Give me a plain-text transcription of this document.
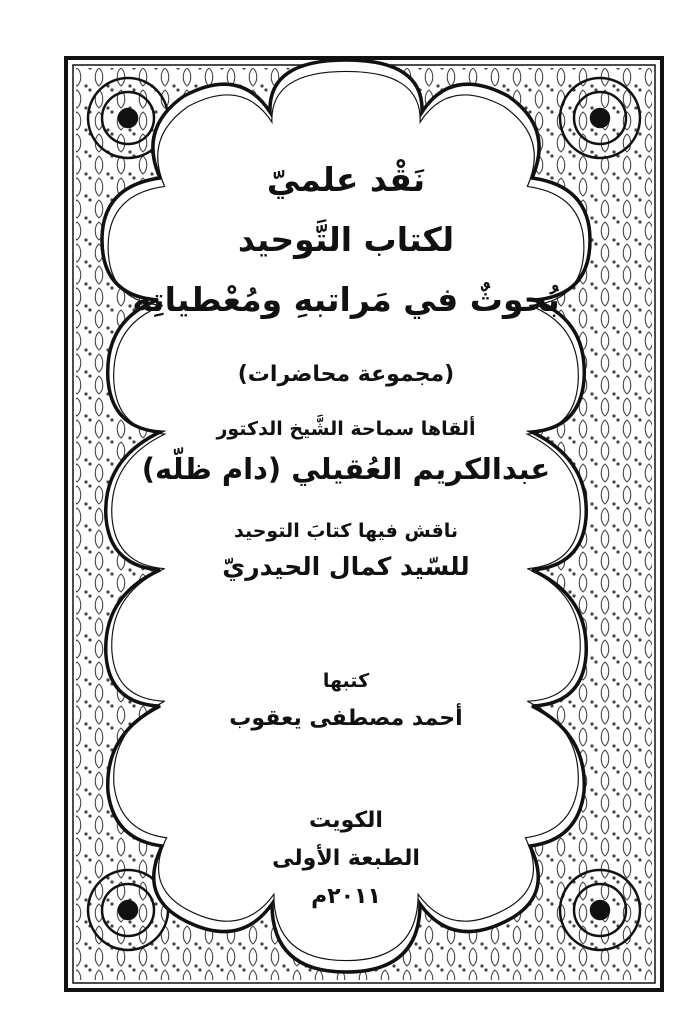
نَقْد علميّ
لكتاب التَّوحيد
بُحوثٌ في مَراتبهِ ومُعْطياتِه
(مجموعة محاضرات)
ألقاها سماحة الشَّيخ الدكتور
عبدالكريم العُقيلي (دام ظلّه)
ناقش فيها كتابَ التوحيد
للسّيد كمال الحيدريّ
كتبها
أحمد مصطفى يعقوب
الكويت
الطبعة الأولى
٢٠١١م
